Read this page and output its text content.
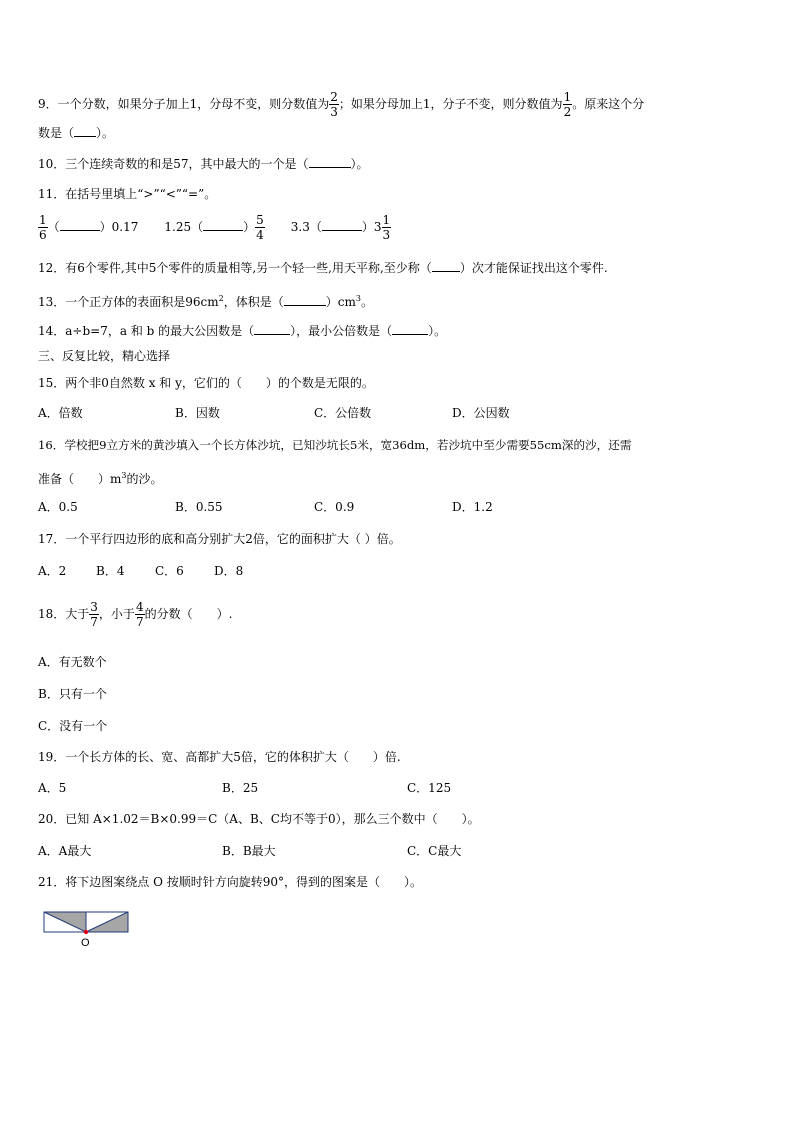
9．一个分数，如果分子加上1，分母不变，则分数值为 $\frac{2}{3}$ ；如果分母加上1，分子不变，则分数值为 $\frac{1}{2}$ 。原来这个分
数是（ ）。
10．三个连续奇数的和是57，其中最大的一个是（	）。
11．在括号里填上“>”“<”“=”。
$\frac{1}{6}$ （	）0.17 1.25（	） $\frac{5}{4} 3.3$（	）$3 \frac{1}{3}$
12．有6个零件,其中5个零件的质量相等,另一个轻一些,用天平称,至少称（ ）次才能保证找出这个零件.
13．一个正方体的表面积是$96cm^2$，体积是（	）$cm^3$。
14．a÷b=7，a 和 b 的最大公因数是（	），最小公倍数是（	）。
三、反复比较，精心选择
15．两个非0自然数 x 和 y，它们的（　　）的个数是无限的。
A．倍数	B．因数	C．公倍数	D．公因数
16．学校把9立方米的黄沙填入一个长方体沙坑，已知沙坑长5米，宽36dm，若沙坑中至少需要55cm深的沙，还需
准备（　　）$m^3$的沙。
A．0.5	B．0.55	C．0.9	D．1.2
17．一个平行四边形的底和高分别扩大2倍，它的面积扩大（ ）倍。
A．2 B．4	C．6	D．8
18．大于 $\frac{3}{7}$ ，小于 $\frac{4}{7}$ 的分数（　　）.
A．有无数个
B．只有一个
C．没有一个
19．一个长方体的长、宽、高都扩大5倍，它的体积扩大（　　）倍.
A．5	B．25	C．125
20．已知 A×1.02＝B×0.99＝C（A、B、C均不等于0），那么三个数中（　　）。
A．A最大	B．B最大	C．C最大
21．将下边图案绕点 O 按顺时针方向旋转90°，得到的图案是（　　）。
O
